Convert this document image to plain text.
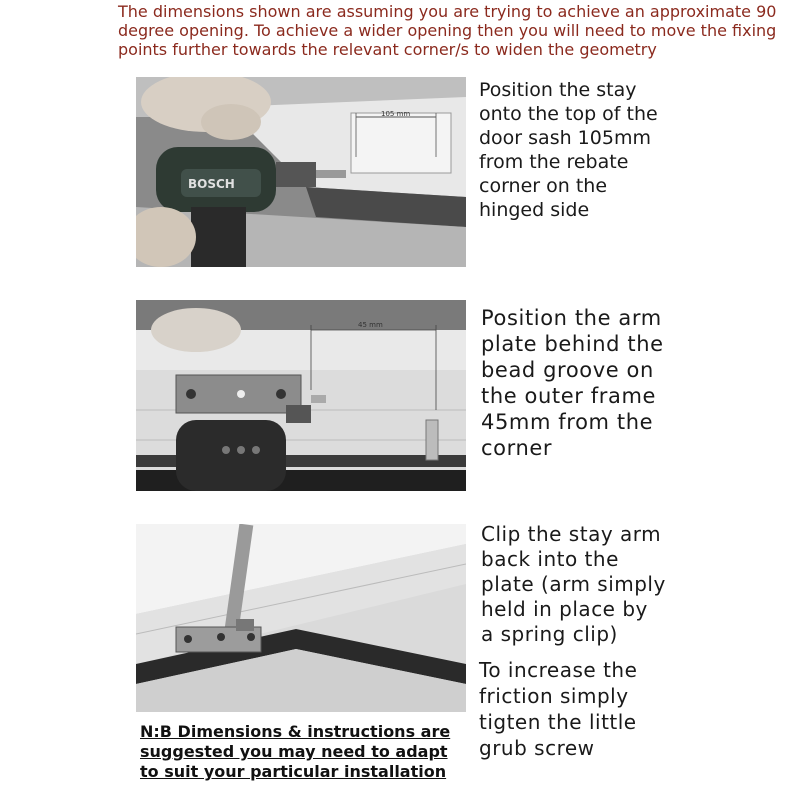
The dimensions shown are assuming you are trying to achieve an approximate 90 degree opening. To achieve a wider opening then you will need to move the fixing points further towards the relevant corner/s to widen the geometry
105 mm
BOSCH
Position the stay
onto the top of the
door sash 105mm
from the rebate
corner on the
hinged side
45 mm	Position the arm
plate behind the
bead groove on
the outer frame
45mm from the
corner
Clip the stay arm
back into the
plate (arm simply
held in place by
a spring clip)
To increase the
friction simply
tigten the little
grub screw
N:B Dimensions & instructions are
suggested you may need to adapt
to suit your particular installation
